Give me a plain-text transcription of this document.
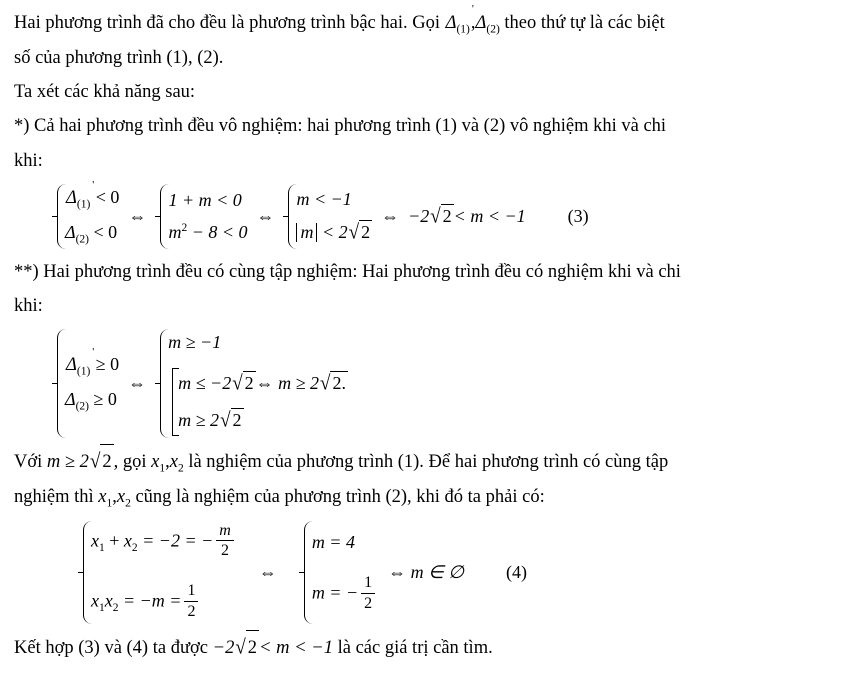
Hai phương trình đã cho đều là phương trình bậc hai. Gọi $\Delta_{(1)}$
'
$,\Delta_{(2)}$ theo thứ tự là các biệt

số của phương trình (1), (2).

Ta xét các khả năng sau:

*) Cả hai phương trình đều vô nghiệm: hai phương trình (1) và (2) vô nghiệm khi và chi

khi:

$\Delta_{(1)}$
'
< 0
$\Delta_{(2)} < 0$
⇔
1 + m < 0
$m^2 - 8 < 0$
⇔
m < −1
m < 2√ 2
⇔ −2√ 2 < m < −1 (3)

**) Hai phương trình đều có cùng tập nghiệm: Hai phương trình đều có nghiệm khi và chi

khi:

$\Delta_{(1)}$
'
≥ 0
$\Delta_{(2)} \ge 0$
⇔
m ≥ −1
m ≤ −2√ 2 ⇔ m ≥ 2√ 2.
m ≥ 2√ 2

Với m ≥ 2√ 2 , gọi $x_1,x_2$ là nghiệm của phương trình (1). Để hai phương trình có cùng tập

nghiệm thì $x_1,x_2$ cũng là nghiệm của phương trình (2), khi đó ta phải có:

$x_1 + x_2 = -2$ = − $\frac{m}{2}$
$x_1x_2 = -m = \frac{1}{2}$
⇔
m = 4
m = − $\frac{1}{2}$
⇔ m ∈ ∅ (4)

Kết hợp (3) và (4) ta được −2√ 2 < m < −1 là các giá trị cần tìm.
